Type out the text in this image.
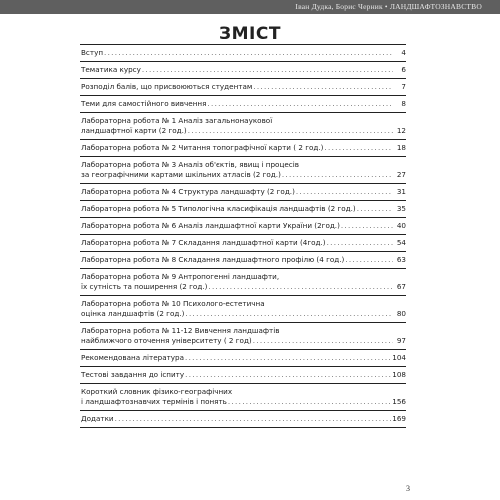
Іван Дудка, Борис Черник • ЛАНДШАФТОЗНАВСТВО
ЗМІСТ
Вступ . . .	4
Тематика курсу . . .	6
Розподіл балів, що присвоюються студентам . . .	7
Теми для самостійного вивчення . . .	8
Лабораторна робота № 1 Аналіз загальнонаукової
ландшафтної карти (2 год.) . . .	12
Лабораторна робота № 2 Читання топографічної карти ( 2 год.) . . .	18
Лабораторна робота № 3 Аналіз об'єктів, явищ і процесів
за географічними картами шкільних атласів (2 год.) . . .	27
Лабораторна робота № 4 Структура ландшафту (2 год.) . . .	31
Лабораторна робота № 5 Типологічна класифікація ландшафтів (2 год.) . . .	35
Лабораторна робота № 6 Аналіз ландшафтної карти України (2год.) . . .	40
Лабораторна робота № 7 Складання ландшафтної карти (4год.) . . .	54
Лабораторна робота № 8 Складання ландшафтного профілю (4 год.) . . .	63
Лабораторна робота № 9 Антропогенні ландшафти,
їх сутність та поширення (2 год.) . . .	67
Лабораторна робота № 10 Психолого-естетична
оцінка ландшафтів (2 год.) . . .	80
Лабораторна робота № 11-12 Вивчення ландшафтів
найближчого оточення університету ( 2 год) . . .	97
Рекомендована література . . .	104
Тестові завдання до іспиту . . .	108
Короткий словник фізико-географічних
і ландшафтознавчих термінів і понять . . .	156
Додатки . . .	169
3
